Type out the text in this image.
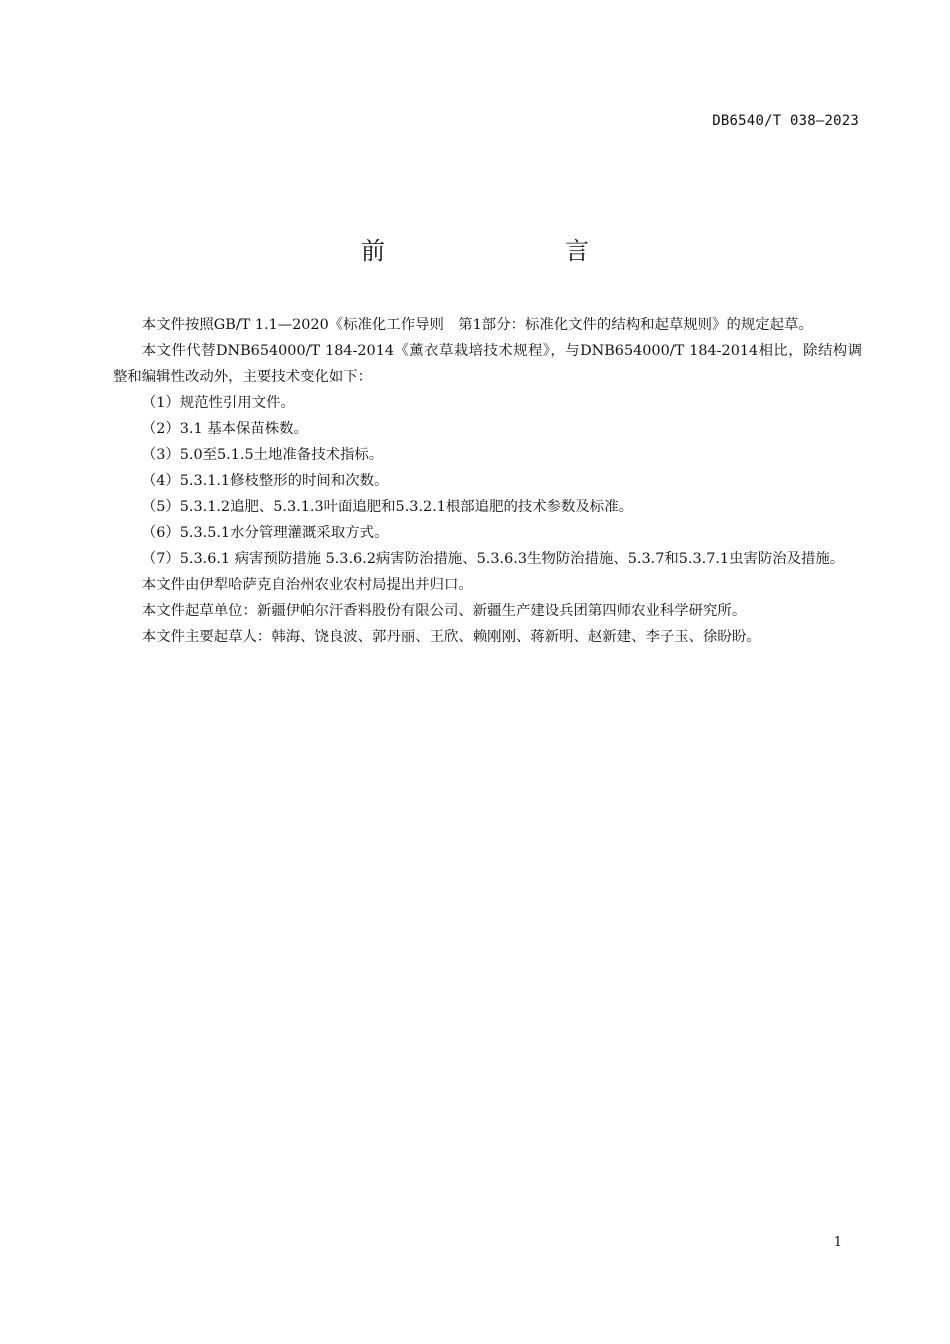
DB6540/T 038—2023
前　　言

本文件按照GB/T 1.1—2020《标准化工作导则　第1部分：标准化文件的结构和起草规则》的规定起草。

本文件代替DNB654000/T 184-2014《薰衣草栽培技术规程》，与DNB654000/T 184-2014相比，除结构调整和编辑性改动外，主要技术变化如下：

（1）规范性引用文件。

（2）3.1 基本保苗株数。

（3）5.0至5.1.5土地准备技术指标。

（4）5.3.1.1修枝整形的时间和次数。

（5）5.3.1.2追肥、5.3.1.3叶面追肥和5.3.2.1根部追肥的技术参数及标准。

（6）5.3.5.1水分管理灌溉采取方式。

（7）5.3.6.1 病害预防措施 5.3.6.2病害防治措施、5.3.6.3生物防治措施、5.3.7和5.3.7.1虫害防治及措施。

本文件由伊犁哈萨克自治州农业农村局提出并归口。

本文件起草单位：新疆伊帕尔汗香料股份有限公司、新疆生产建设兵团第四师农业科学研究所。

本文件主要起草人：韩海、饶良波、郭丹丽、王欣、赖刚刚、蒋新明、赵新建、李子玉、徐盼盼。

1
